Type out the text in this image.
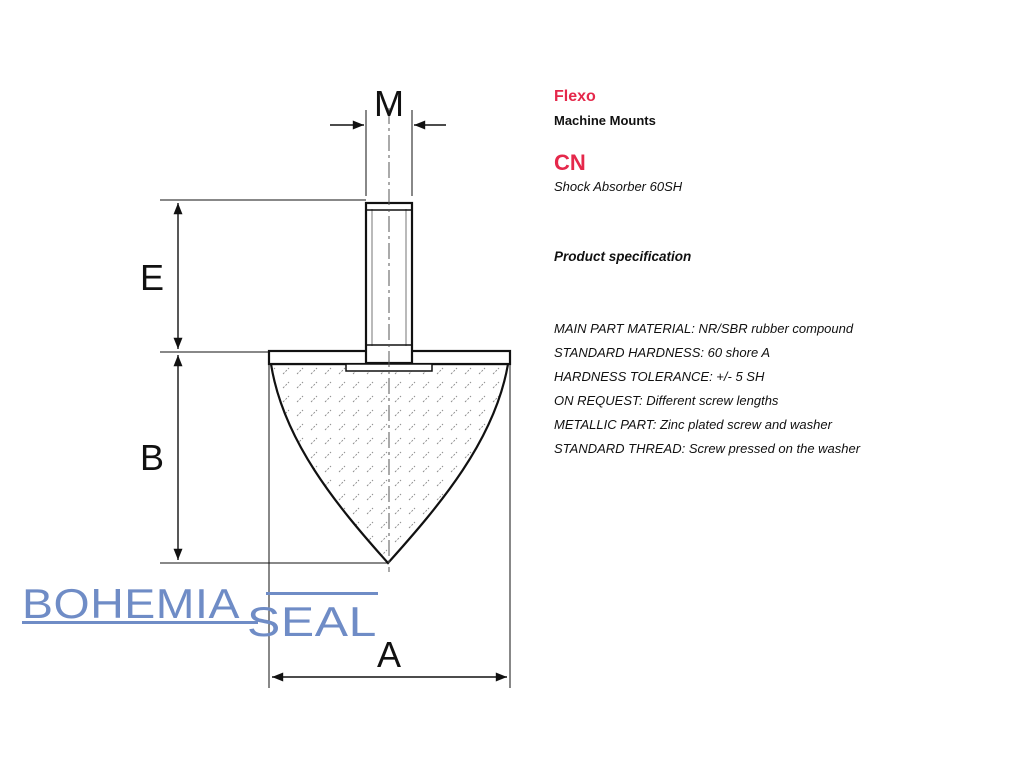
M
E
B
A
BOHEMIA SEAL
Flexo
Machine Mounts
CN
Shock Absorber 60SH
Product specification
MAIN PART MATERIAL: NR/SBR rubber compound
STANDARD HARDNESS: 60 shore A
HARDNESS TOLERANCE: +/- 5 SH
ON REQUEST: Different screw lengths
METALLIC PART: Zinc plated screw and washer
STANDARD THREAD: Screw pressed on the washer
